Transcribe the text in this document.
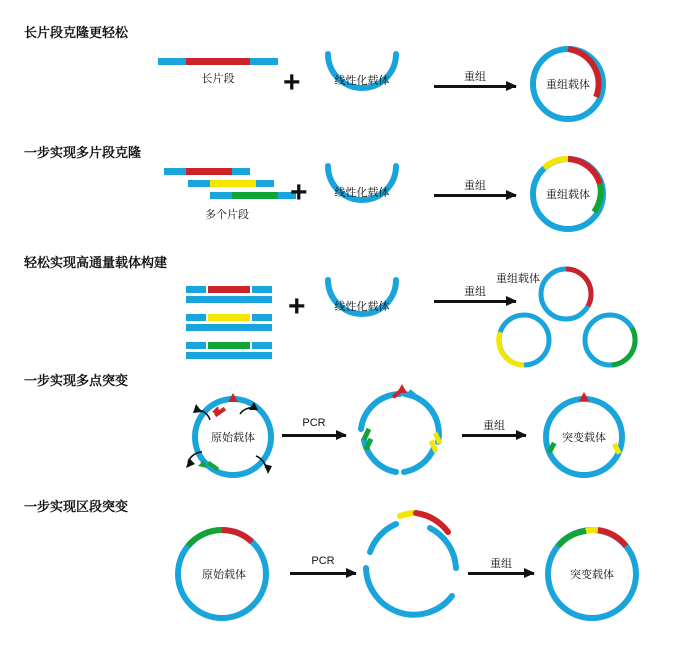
长片段克隆更轻松
长片段	+	线性化载体	重组
重组载体
一步实现多片段克隆
多个片段
+ 线性化载体
重组
重组载体
轻松实现高通量载体构建
+	线性化载体
重组
重组载体
一步实现多点突变
原始载体
PCR	重组
突变载体
一步实现区段突变
原始载体
PCR	重组
突变载体
